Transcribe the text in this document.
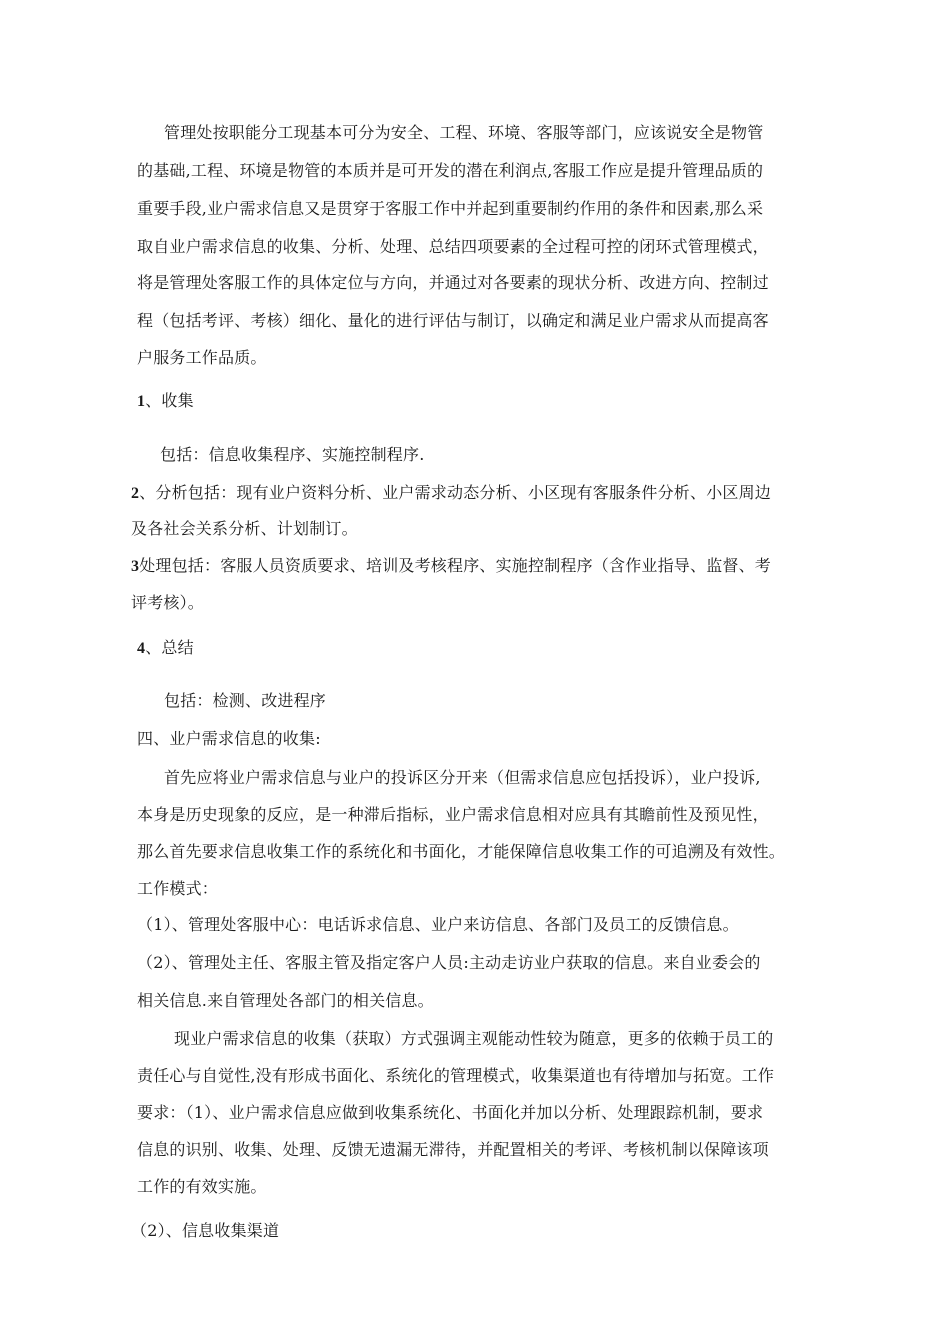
管理处按职能分工现基本可分为安全、工程、环境、客服等部门，应该说安全是物管
的基础,工程、环境是物管的本质并是可开发的潜在利润点,客服工作应是提升管理品质的
重要手段,业户需求信息又是贯穿于客服工作中并起到重要制约作用的条件和因素,那么采
取自业户需求信息的收集、分析、处理、总结四项要素的全过程可控的闭环式管理模式，
将是管理处客服工作的具体定位与方向，并通过对各要素的现状分析、改进方向、控制过
程（包括考评、考核）细化、量化的进行评估与制订，以确定和满足业户需求从而提高客
户服务工作品质。
1、收集
包括：信息收集程序、实施控制程序.
2、分析包括：现有业户资料分析、业户需求动态分析、小区现有客服条件分析、小区周边
及各社会关系分析、计划制订。
3处理包括：客服人员资质要求、培训及考核程序、实施控制程序（含作业指导、监督、考
评考核）。
4、总结
包括：检测、改进程序
四、业户需求信息的收集:
首先应将业户需求信息与业户的投诉区分开来（但需求信息应包括投诉），业户投诉,
本身是历史现象的反应，是一种滞后指标，业户需求信息相对应具有其瞻前性及预见性，
那么首先要求信息收集工作的系统化和书面化，才能保障信息收集工作的可追溯及有效性。
工作模式：
（1）、管理处客服中心：电话诉求信息、业户来访信息、各部门及员工的反馈信息。
（2）、管理处主任、客服主管及指定客户人员:主动走访业户获取的信息。来自业委会的
相关信息.来自管理处各部门的相关信息。
现业户需求信息的收集（获取）方式强调主观能动性较为随意，更多的依赖于员工的
责任心与自觉性,没有形成书面化、系统化的管理模式，收集渠道也有待增加与拓宽。工作
要求：（1）、业户需求信息应做到收集系统化、书面化并加以分析、处理跟踪机制，要求
信息的识别、收集、处理、反馈无遗漏无滞待，并配置相关的考评、考核机制以保障该项
工作的有效实施。
（2）、信息收集渠道
